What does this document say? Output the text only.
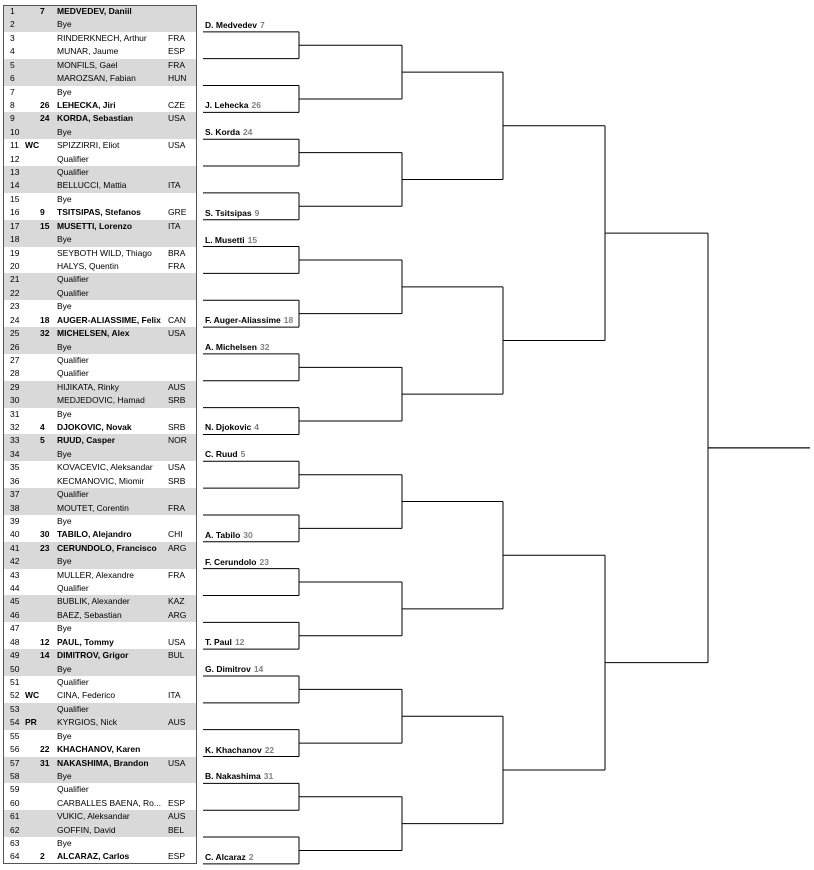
1	7 MEDVEDEV, Daniil
2	Bye
3	RINDERKNECH, Arthur	FRA
4	MUNAR, Jaume	ESP
5	MONFILS, Gael	FRA
6	MAROZSAN, Fabian	HUN
7	Bye
8	26 LEHECKA, Jiri	CZE
9	24 KORDA, Sebastian	USA
10	Bye
11 WC SPIZZIRRI, Eliot	USA
12	Qualifier
13	Qualifier
14	BELLUCCI, Mattia	ITA
15	Bye
16 9 TSITSIPAS, Stefanos	GRE
17 15 MUSETTI, Lorenzo	ITA
18	Bye
19	SEYBOTH WILD, Thiago BRA
20	HALYS, Quentin	FRA
21	Qualifier
22	Qualifier
23	Bye
24 18 AUGER-ALIASSIME, Felix CAN
25 32 MICHELSEN, Alex	USA
26	Bye
27	Qualifier
28	Qualifier
29	HIJIKATA, Rinky	AUS
30	MEDJEDOVIC, Hamad	SRB
31	Bye
32 4 DJOKOVIC, Novak	SRB
33 5 RUUD, Casper	NOR
34	Bye
35	KOVACEVIC, Aleksandar USA
36	KECMANOVIC, Miomir	SRB
37	Qualifier
38	MOUTET, Corentin	FRA
39	Bye
40 30 TABILO, Alejandro	CHI
41 23 CERUNDOLO, Francisco ARG
42	Bye
43	MULLER, Alexandre	FRA
44	Qualifier
45	BUBLIK, Alexander	KAZ
46	BAEZ, Sebastian	ARG
47	Bye
48 12 PAUL, Tommy	USA
49 14 DIMITROV, Grigor	BUL
50	Bye
51	Qualifier
52 WC CINA, Federico	ITA
53	Qualifier
54 PR KYRGIOS, Nick	AUS
55	Bye
56 22 KHACHANOV, Karen
57 31 NAKASHIMA, Brandon USA
58	Bye
59	Qualifier
60	CARBALLES BAENA, Ro... ESP
61	VUKIC, Aleksandar	AUS
62	GOFFIN, David	BEL
63	Bye
64 2 ALCARAZ, Carlos	ESP
D. Medvedev 7
J. Lehecka 26
S. Korda 24
S. Tsitsipas 9
L. Musetti 15
F. Auger-Aliassime 18
A. Michelsen 32
N. Djokovic 4
C. Ruud 5
A. Tabilo 30
F. Cerundolo 23
T. Paul 12
G. Dimitrov 14
K. Khachanov 22
B. Nakashima 31
C. Alcaraz 2
